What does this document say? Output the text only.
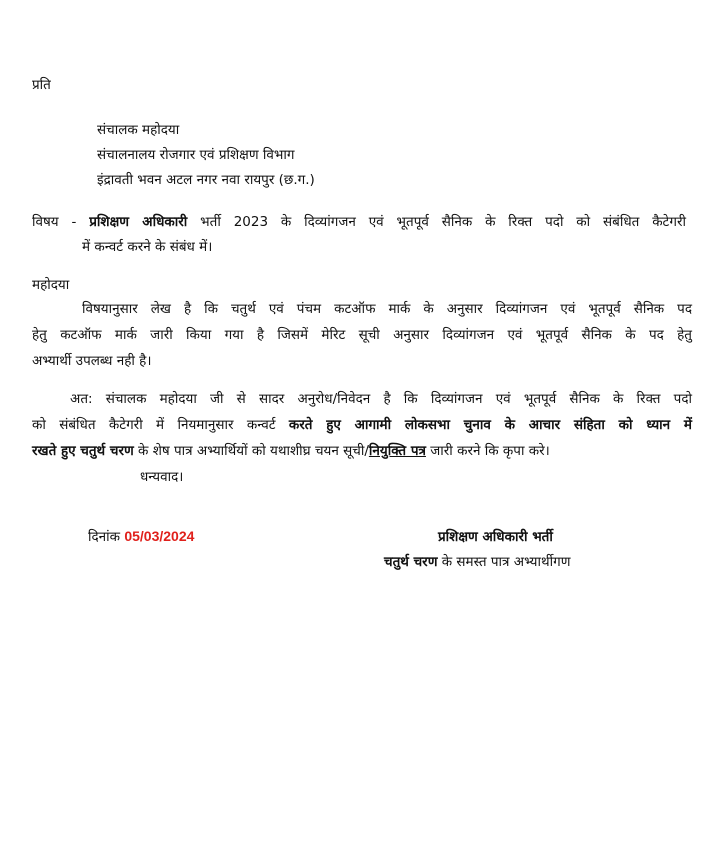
प्रति
संचालक महोदया
संचालनालय रोजगार एवं प्रशिक्षण विभाग
इंद्रावती भवन अटल नगर नवा रायपुर (छ.ग.)
विषय - प्रशिक्षण अधिकारी भर्ती 2023 के दिव्यांगजन एवं भूतपूर्व सैनिक के रिक्त पदो को संबंधित कैटेगरी
में कन्वर्ट करने के संबंध में।
महोदया
विषयानुसार लेख है कि चतुर्थ एवं पंचम कटऑफ मार्क के अनुसार दिव्यांगजन एवं भूतपूर्व सैनिक पद
हेतु कटऑफ मार्क जारी किया गया है जिसमें मेरिट सूची अनुसार दिव्यांगजन एवं भूतपूर्व सैनिक के पद हेतु
अभ्यार्थी उपलब्ध नही है।
अत: संचालक महोदया जी से सादर अनुरोध/निवेदन है कि दिव्यांगजन एवं भूतपूर्व सैनिक के रिक्त पदो
को संबंधित कैटेगरी में नियमानुसार कन्वर्ट करते हुए आगामी लोकसभा चुनाव के आचार संहिता को ध्यान में
रखते हुए चतुर्थ चरण के शेष पात्र अभ्यार्थियों को यथाशीघ्र चयन सूची/नियुक्ति पत्र जारी करने कि कृपा करे।
धन्यवाद।
दिनांक 05/03/2024	प्रशिक्षण अधिकारी भर्ती
चतुर्थ चरण के समस्त पात्र अभ्यार्थीगण
